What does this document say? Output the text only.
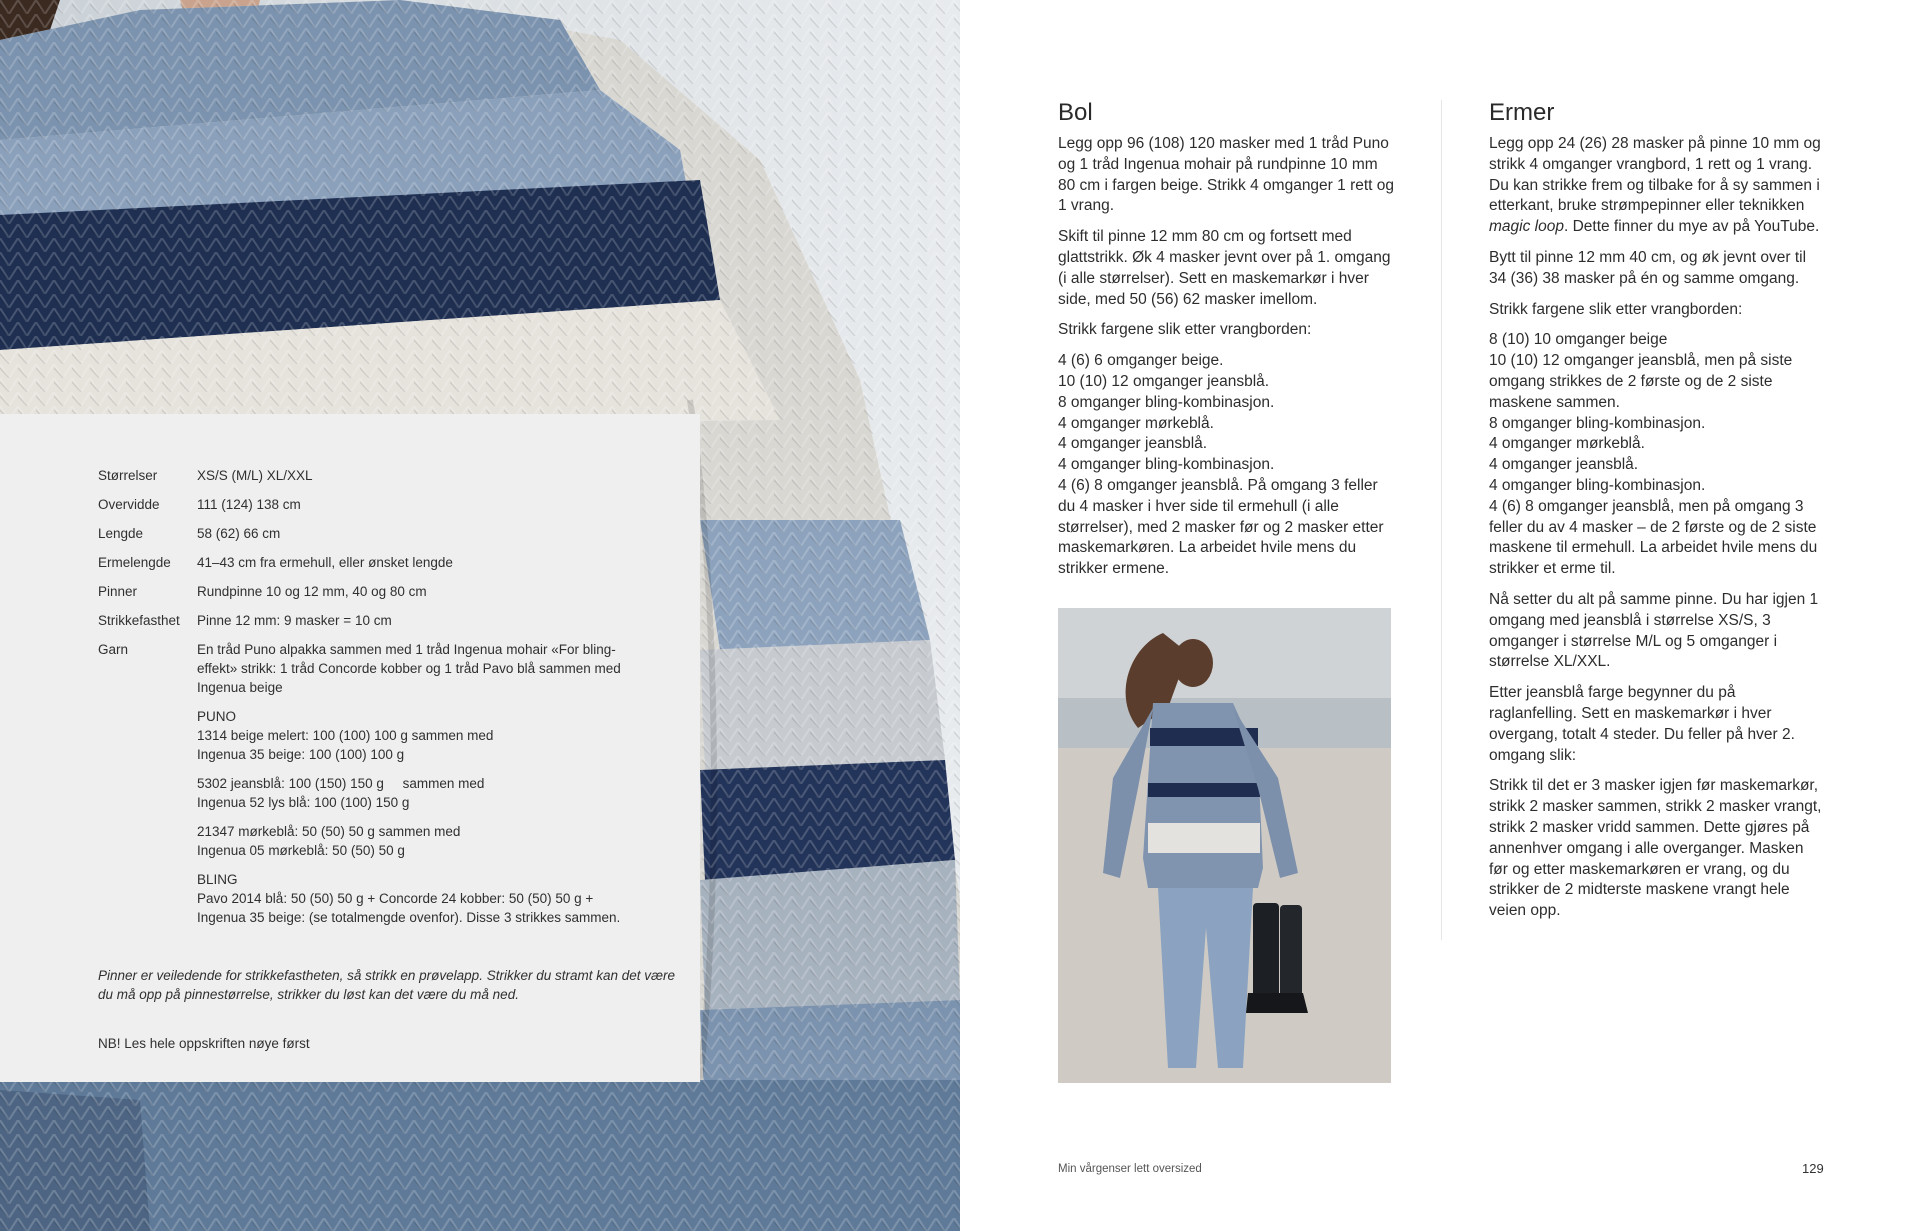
Størrelser	XS/S (M/L) XL/XXL
Overvidde	111 (124) 138 cm
Lengde	58 (62) 66 cm
Ermelengde	41–43 cm fra ermehull, eller ønsket lengde
Pinner	Rundpinne 10 og 12 mm, 40 og 80 cm
Strikkefasthet	Pinne 12 mm: 9 masker = 10 cm
Garn	En tråd Puno alpakka sammen med 1 tråd Ingenua mohair «For bling-effekt» strikk: 1 tråd Concorde kobber og 1 tråd Pavo blå sammen med Ingenua beige
PUNO
1314 beige melert: 100 (100) 100 g sammen med
Ingenua 35 beige: 100 (100) 100 g
5302 jeansblå: 100 (150) 150 g     sammen med
Ingenua 52 lys blå: 100 (100) 150 g
21347 mørkeblå: 50 (50) 50 g sammen med
Ingenua 05 mørkeblå: 50 (50) 50 g
BLING
Pavo 2014 blå: 50 (50) 50 g + Concorde 24 kobber: 50 (50) 50 g +
Ingenua 35 beige: (se totalmengde ovenfor). Disse 3 strikkes sammen.
Pinner er veiledende for strikkefastheten, så strikk en prøvelapp. Strikker du stramt kan det være du må opp på pinnestørrelse, strikker du løst kan det være du må ned.
NB! Les hele oppskriften nøye først
Bol

Legg opp 96 (108) 120 masker med 1 tråd Puno og 1 tråd Ingenua mohair på rundpinne 10 mm 80 cm i fargen beige. Strikk 4 omganger 1 rett og 1 vrang.

Skift til pinne 12 mm 80 cm og fortsett med glattstrikk. Øk 4 masker jevnt over på 1. omgang (i alle størrelser). Sett en maskemarkør i hver side, med 50 (56) 62 masker imellom.

Strikk fargene slik etter vrangborden:

4 (6) 6 omganger beige.
10 (10) 12 omganger jeansblå.
8 omganger bling-kombinasjon.
4 omganger mørkeblå.
4 omganger jeansblå.
4 omganger bling-kombinasjon.
4 (6) 8 omganger jeansblå. På omgang 3 feller du 4 masker i hver side til ermehull (i alle størrelser), med 2 masker før og 2 masker etter maskemarkøren. La arbeidet hvile mens du strikker ermene.

Ermer

Legg opp 24 (26) 28 masker på pinne 10 mm og strikk 4 omganger vrangbord, 1 rett og 1 vrang. Du kan strikke frem og tilbake for å sy sammen i etterkant, bruke strømpepinner eller teknikken magic loop. Dette finner du mye av på YouTube.

Bytt til pinne 12 mm 40 cm, og øk jevnt over til 34 (36) 38 masker på én og samme omgang.

Strikk fargene slik etter vrangborden:

8 (10) 10 omganger beige
10 (10) 12 omganger jeansblå, men på siste omgang strikkes de 2 første og de 2 siste maskene sammen.
8 omganger bling-kombinasjon.
4 omganger mørkeblå.
4 omganger jeansblå.
4 omganger bling-kombinasjon.
4 (6) 8 omganger jeansblå, men på omgang 3 feller du av 4 masker – de 2 første og de 2 siste maskene til ermehull. La arbeidet hvile mens du strikker et erme til.

Nå setter du alt på samme pinne. Du har igjen 1 omgang med jeansblå i størrelse XS/S, 3 omganger i størrelse M/L og 5 omganger i størrelse XL/XXL.

Etter jeansblå farge begynner du på raglanfelling. Sett en maskemarkør i hver overgang, totalt 4 steder. Du feller på hver 2. omgang slik:

Strikk til det er 3 masker igjen før maskemarkør, strikk 2 masker sammen, strikk 2 masker vrangt, strikk 2 masker vridd sammen. Dette gjøres på annenhver omgang i alle overganger. Masken før og etter maskemarkøren er vrang, og du strikker de 2 midterste maskene vrangt hele veien opp.

Min vårgenser lett oversized	129
